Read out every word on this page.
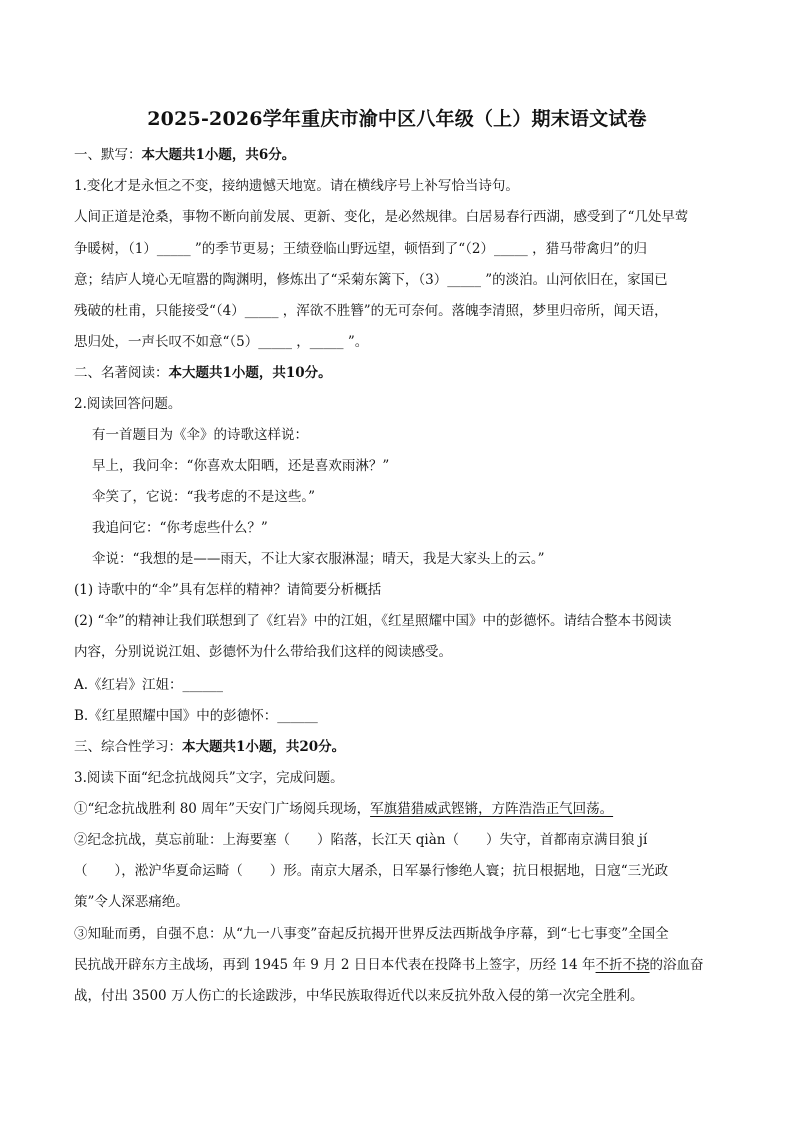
2025-2026学年重庆市渝中区八年级（上）期末语文试卷
一、默写：本大题共1小题，共6分。
1.变化才是永恒之不变，接纳遗憾天地宽。请在横线序号上补写恰当诗句。
人间正道是沧桑，事物不断向前发展、更新、变化，是必然规律。白居易春行西湖，感受到了“几处早莺
争暖树，（1）_____ ”的季节更易；王绩登临山野远望，顿悟到了“（2）_____ ，猎马带禽归”的归
意；结庐人境心无喧嚣的陶渊明，修炼出了“采菊东篱下，（3）_____ ”的淡泊。山河依旧在，家国已
残破的杜甫，只能接受“（4）_____ ，浑欲不胜簪”的无可奈何。落魄李清照，梦里归帝所，闻天语，
思归处，一声长叹不如意“（5）_____ ，_____ ”。
二、名著阅读：本大题共1小题，共10分。
2.阅读回答问题。
有一首题目为《伞》的诗歌这样说：
早上，我问伞：“你喜欢太阳晒，还是喜欢雨淋？”
伞笑了，它说：“我考虑的不是这些。”
我追问它：“你考虑些什么？”
伞说：“我想的是——雨天，不让大家衣服淋湿；晴天，我是大家头上的云。”
(1) 诗歌中的“伞”具有怎样的精神？请简要分析概括
(2) “伞”的精神让我们联想到了《红岩》中的江姐，《红星照耀中国》中的彭德怀。请结合整本书阅读
内容，分别说说江姐、彭德怀为什么带给我们这样的阅读感受。
A.《红岩》江姐：______
B.《红星照耀中国》中的彭德怀：______
三、综合性学习：本大题共1小题，共20分。
3.阅读下面“纪念抗战阅兵”文字，完成问题。
①“纪念抗战胜利 80 周年”天安门广场阅兵现场，军旗猎猎威武铿锵，方阵浩浩正气回荡。
②纪念抗战，莫忘前耻：上海要塞（　　）陷落，长江天 qiàn（　　）失守，首都南京满目狼 jí
（　　），淞沪华夏命运畸（　　）形。南京大屠杀，日军暴行惨绝人寰；抗日根据地，日寇“三光政
策”令人深恶痛绝。
③知耻而勇，自强不息：从“九一八事变”奋起反抗揭开世界反法西斯战争序幕，到“七七事变”全国全
民抗战开辟东方主战场，再到 1945 年 9 月 2 日日本代表在投降书上签字，历经 14 年不折不挠的浴血奋
战，付出 3500 万人伤亡的长途跋涉，中华民族取得近代以来反抗外敌入侵的第一次完全胜利。
